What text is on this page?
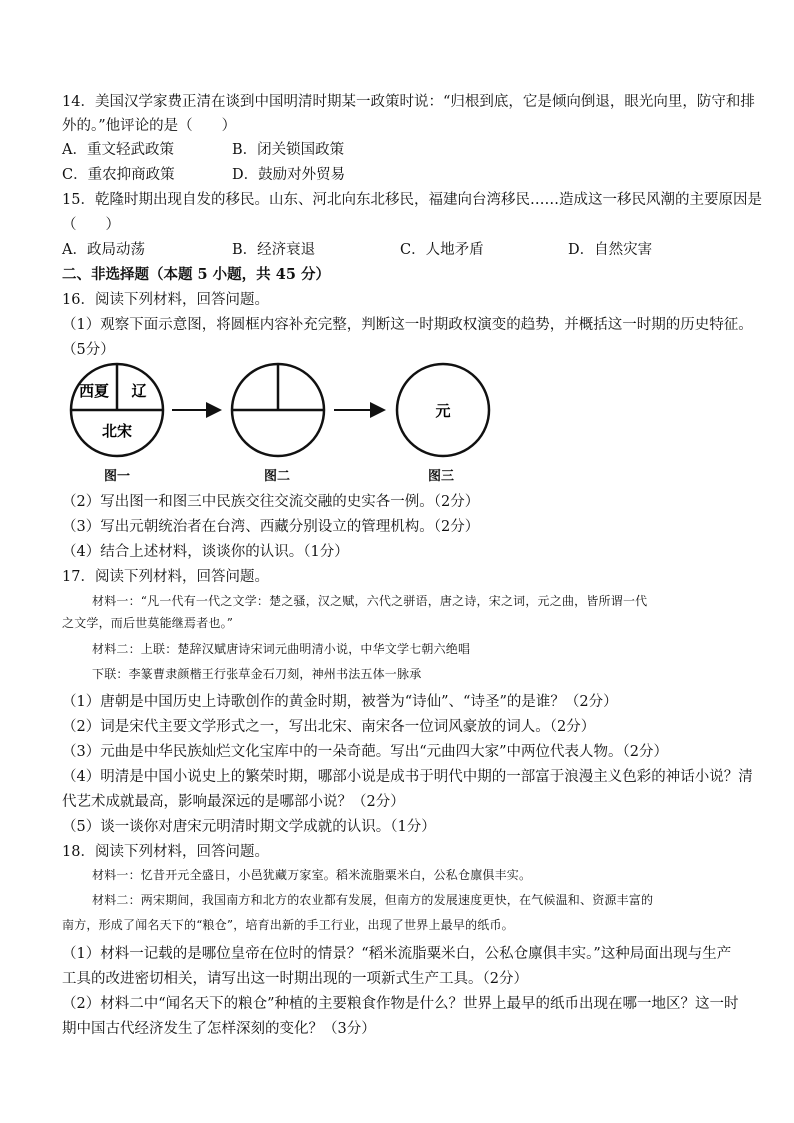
14．美国汉学家费正清在谈到中国明清时期某一政策时说：“归根到底，它是倾向倒退，眼光向里，防守和排
外的。”他评论的是（　　）
A．重文轻武政策	B．闭关锁国政策
C．重农抑商政策	D．鼓励对外贸易
15．乾隆时期出现自发的移民。山东、河北向东北移民，福建向台湾移民……造成这一移民风潮的主要原因是
（　　）
A．政局动荡	B．经济衰退	C．人地矛盾	D．自然灾害
二、非选择题（本题 5 小题，共 45 分）
16．阅读下列材料，回答问题。
（1）观察下面示意图，将圆框内容补充完整，判断这一时期政权演变的趋势，并概括这一时期的历史特征。
（5分）
西夏 辽
北宋
元
图一	图二	图三
（2）写出图一和图三中民族交往交流交融的史实各一例。（2分）
（3）写出元朝统治者在台湾、西藏分别设立的管理机构。（2分）
（4）结合上述材料，谈谈你的认识。（1分）
17．阅读下列材料，回答问题。
材料一：“凡一代有一代之文学：楚之骚，汉之赋，六代之骈语，唐之诗，宋之词，元之曲，皆所谓一代
之文学，而后世莫能继焉者也。”
材料二：上联：楚辞汉赋唐诗宋词元曲明清小说，中华文学七朝六绝唱
下联：李篆曹隶颜楷王行张草金石刀刻，神州书法五体一脉承
（1）唐朝是中国历史上诗歌创作的黄金时期，被誉为“诗仙”、“诗圣”的是谁？（2分）
（2）词是宋代主要文学形式之一，写出北宋、南宋各一位词风豪放的词人。（2分）
（3）元曲是中华民族灿烂文化宝库中的一朵奇葩。写出“元曲四大家”中两位代表人物。（2分）
（4）明清是中国小说史上的繁荣时期，哪部小说是成书于明代中期的一部富于浪漫主义色彩的神话小说？清
代艺术成就最高，影响最深远的是哪部小说？（2分）
（5）谈一谈你对唐宋元明清时期文学成就的认识。（1分）
18．阅读下列材料，回答问题。
材料一：忆昔开元全盛日，小邑犹藏万家室。稻米流脂粟米白，公私仓廪俱丰实。
材料二：两宋期间，我国南方和北方的农业都有发展，但南方的发展速度更快，在气候温和、资源丰富的
南方，形成了闻名天下的“粮仓”，培育出新的手工行业，出现了世界上最早的纸币。
（1）材料一记载的是哪位皇帝在位时的情景？“稻米流脂粟米白，公私仓廪俱丰实。”这种局面出现与生产
工具的改进密切相关，请写出这一时期出现的一项新式生产工具。（2分）
（2）材料二中“闻名天下的粮仓”种植的主要粮食作物是什么？世界上最早的纸币出现在哪一地区？这一时
期中国古代经济发生了怎样深刻的变化？（3分）
